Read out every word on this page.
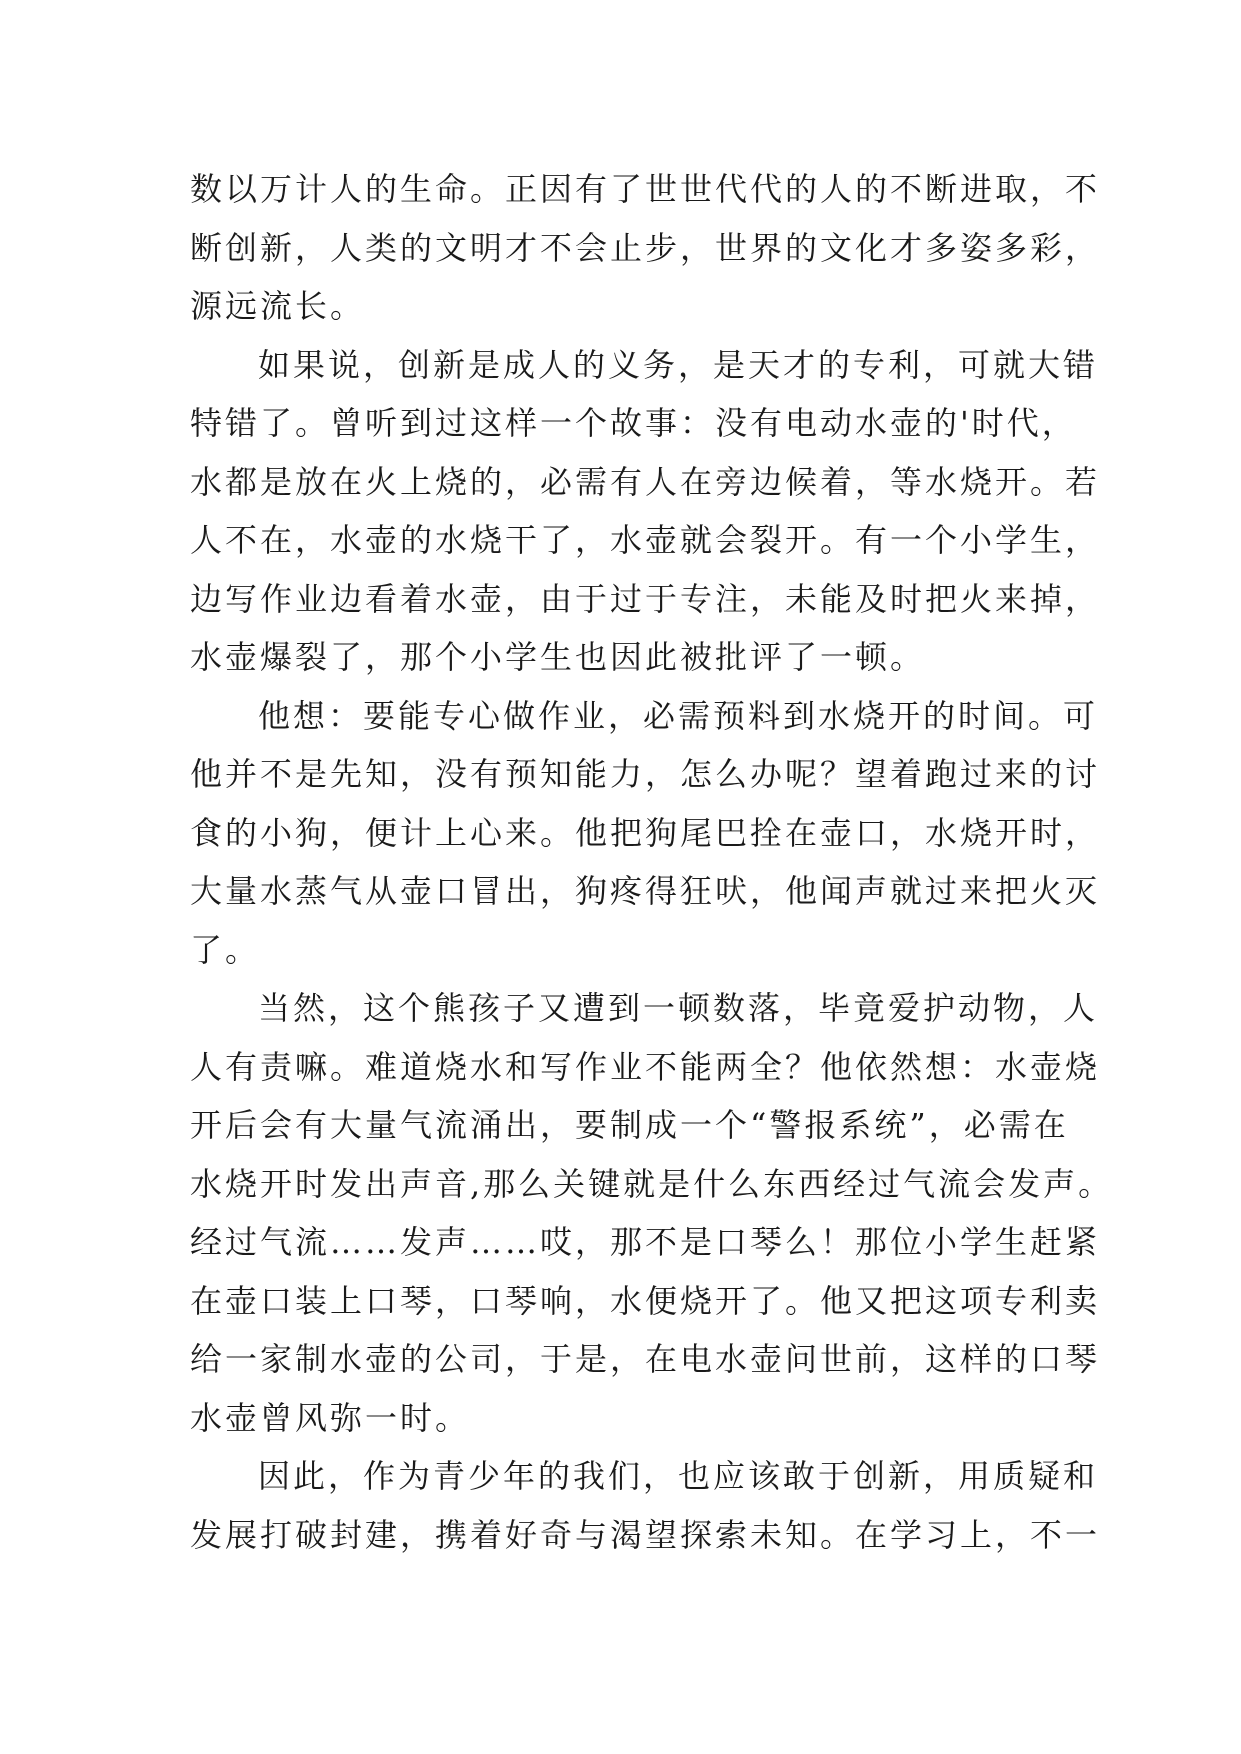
数以万计人的生命。正因有了世世代代的人的不断进取，不
断创新，人类的文明才不会止步，世界的文化才多姿多彩，
源远流长。
如果说，创新是成人的义务，是天才的专利，可就大错
特错了。曾听到过这样一个故事：没有电动水壶的'时代，
水都是放在火上烧的，必需有人在旁边候着，等水烧开。若
人不在，水壶的水烧干了，水壶就会裂开。有一个小学生，
边写作业边看着水壶，由于过于专注，未能及时把火来掉，
水壶爆裂了，那个小学生也因此被批评了一顿。
他想：要能专心做作业，必需预料到水烧开的时间。可
他并不是先知，没有预知能力，怎么办呢？望着跑过来的讨
食的小狗，便计上心来。他把狗尾巴拴在壶口，水烧开时，
大量水蒸气从壶口冒出，狗疼得狂吠，他闻声就过来把火灭
了。
当然，这个熊孩子又遭到一顿数落，毕竟爱护动物，人
人有责嘛。难道烧水和写作业不能两全？他依然想：水壶烧
开后会有大量气流涌出，要制成一个“警报系统”，必需在
水烧开时发出声音,那么关键就是什么东西经过气流会发声。
经过气流……发声……哎，那不是口琴么！那位小学生赶紧
在壶口装上口琴，口琴响，水便烧开了。他又把这项专利卖
给一家制水壶的公司，于是，在电水壶问世前，这样的口琴
水壶曾风弥一时。
因此，作为青少年的我们，也应该敢于创新，用质疑和
发展打破封建，携着好奇与渴望探索未知。在学习上，不一
